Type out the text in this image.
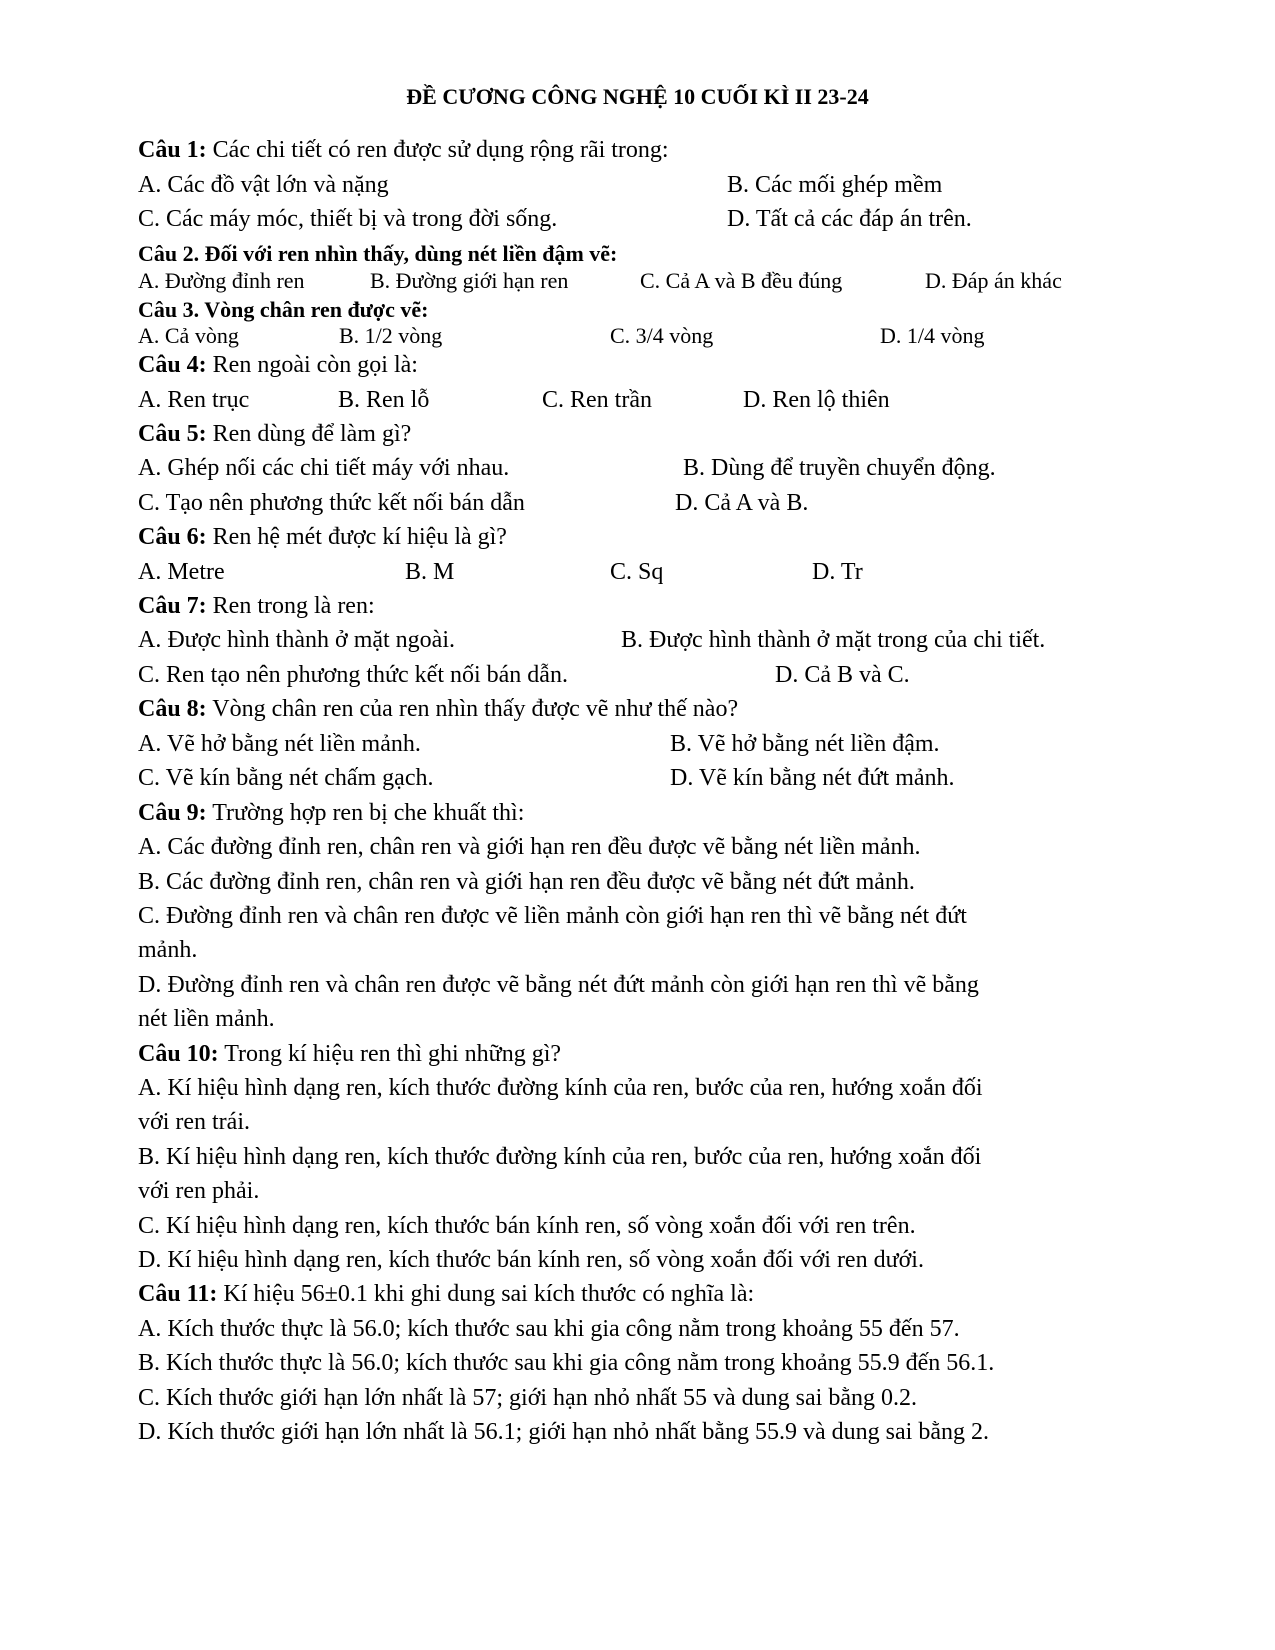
ĐỀ CƯƠNG CÔNG NGHỆ 10 CUỐI KÌ II 23-24
Câu 1: Các chi tiết có ren được sử dụng rộng rãi trong:
A. Các đồ vật lớn và nặng	B. Các mối ghép mềm
C. Các máy móc, thiết bị và trong đời sống.	D. Tất cả các đáp án trên.
Câu 2. Đối với ren nhìn thấy, dùng nét liền đậm vẽ:
A. Đường đỉnh ren	B. Đường giới hạn ren	C. Cả A và B đều đúng	D. Đáp án khác
Câu 3. Vòng chân ren được vẽ:
A. Cả vòng	B. 1/2 vòng	C. 3/4 vòng	D. 1/4 vòng
Câu 4: Ren ngoài còn gọi là:
A. Ren trục	B. Ren lỗ	C. Ren trần	D. Ren lộ thiên
Câu 5: Ren dùng để làm gì?
A. Ghép nối các chi tiết máy với nhau.	B. Dùng để truyền chuyển động.
C. Tạo nên phương thức kết nối bán dẫn	D. Cả A và B.
Câu 6: Ren hệ mét được kí hiệu là gì?
A. Metre	B. M	C. Sq	D. Tr
Câu 7: Ren trong là ren:
A. Được hình thành ở mặt ngoài.	B. Được hình thành ở mặt trong của chi tiết.
C. Ren tạo nên phương thức kết nối bán dẫn.	D. Cả B và C.
Câu 8: Vòng chân ren của ren nhìn thấy được vẽ như thế nào?
A. Vẽ hở bằng nét liền mảnh.	B. Vẽ hở bằng nét liền đậm.
C. Vẽ kín bằng nét chấm gạch.	D. Vẽ kín bằng nét đứt mảnh.
Câu 9: Trường hợp ren bị che khuất thì:
A. Các đường đỉnh ren, chân ren và giới hạn ren đều được vẽ bằng nét liền mảnh.
B. Các đường đỉnh ren, chân ren và giới hạn ren đều được vẽ bằng nét đứt mảnh.
C. Đường đỉnh ren và chân ren được vẽ liền mảnh còn giới hạn ren thì vẽ bằng nét đứt
mảnh.
D. Đường đỉnh ren và chân ren được vẽ bằng nét đứt mảnh còn giới hạn ren thì vẽ bằng
nét liền mảnh.
Câu 10: Trong kí hiệu ren thì ghi những gì?
A. Kí hiệu hình dạng ren, kích thước đường kính của ren, bước của ren, hướng xoắn đối
với ren trái.
B. Kí hiệu hình dạng ren, kích thước đường kính của ren, bước của ren, hướng xoắn đối
với ren phải.
C. Kí hiệu hình dạng ren, kích thước bán kính ren, số vòng xoắn đối với ren trên.
D. Kí hiệu hình dạng ren, kích thước bán kính ren, số vòng xoắn đối với ren dưới.
Câu 11: Kí hiệu 56±0.1 khi ghi dung sai kích thước có nghĩa là:
A. Kích thước thực là 56.0; kích thước sau khi gia công nằm trong khoảng 55 đến 57.
B. Kích thước thực là 56.0; kích thước sau khi gia công nằm trong khoảng 55.9 đến 56.1.
C. Kích thước giới hạn lớn nhất là 57; giới hạn nhỏ nhất 55 và dung sai bằng 0.2.
D. Kích thước giới hạn lớn nhất là 56.1; giới hạn nhỏ nhất bằng 55.9 và dung sai bằng 2.
